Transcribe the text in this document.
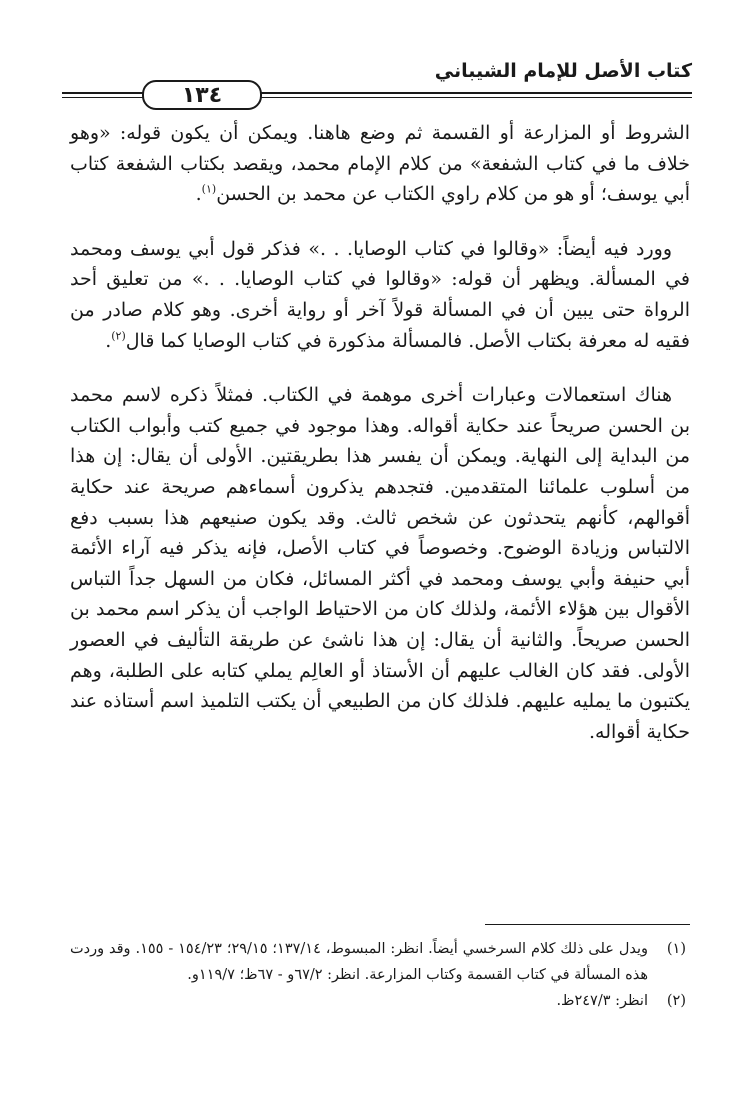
كتاب الأصل للإمام الشيباني
١٣٤

الشروط أو المزارعة أو القسمة ثم وضع هاهنا. ويمكن أن يكون قوله: «وهو خلاف ما في كتاب الشفعة» من كلام الإمام محمد، ويقصد بكتاب الشفعة كتاب أبي يوسف؛ أو هو من كلام راوي الكتاب عن محمد بن الحسن$^{(١)}$.

وورد فيه أيضاً: «وقالوا في كتاب الوصايا. . .» فذكر قول أبي يوسف ومحمد في المسألة. ويظهر أن قوله: «وقالوا في كتاب الوصايا. . .» من تعليق أحد الرواة حتى يبين أن في المسألة قولاً آخر أو رواية أخرى. وهو كلام صادر من فقيه له معرفة بكتاب الأصل. فالمسألة مذكورة في كتاب الوصايا كما قال$^{(٢)}$.

هناك استعمالات وعبارات أخرى موهمة في الكتاب. فمثلاً ذكره لاسم محمد بن الحسن صريحاً عند حكاية أقواله. وهذا موجود في جميع كتب وأبواب الكتاب من البداية إلى النهاية. ويمكن أن يفسر هذا بطريقتين. الأولى أن يقال: إن هذا من أسلوب علمائنا المتقدمين. فتجدهم يذكرون أسماءهم صريحة عند حكاية أقوالهم، كأنهم يتحدثون عن شخص ثالث. وقد يكون صنيعهم هذا بسبب دفع الالتباس وزيادة الوضوح. وخصوصاً في كتاب الأصل، فإنه يذكر فيه آراء الأئمة أبي حنيفة وأبي يوسف ومحمد في أكثر المسائل، فكان من السهل جداً التباس الأقوال بين هؤلاء الأئمة، ولذلك كان من الاحتياط الواجب أن يذكر اسم محمد بن الحسن صريحاً. والثانية أن يقال: إن هذا ناشئ عن طريقة التأليف في العصور الأولى. فقد كان الغالب عليهم أن الأستاذ أو العالِم يملي كتابه على الطلبة، وهم يكتبون ما يمليه عليهم. فلذلك كان من الطبيعي أن يكتب التلميذ اسم أستاذه عند حكاية أقواله.

(١)
ويدل على ذلك كلام السرخسي أيضاً. انظر: المبسوط، ١٣٧/١٤؛ ٢٩/١٥؛ ١٥٤/٢٣ - ١٥٥. وقد وردت هذه المسألة في كتاب القسمة وكتاب المزارعة. انظر: ٦٧/٢و - ٦٧ظ؛ ١١٩/٧و.
(٢)
انظر: ٢٤٧/٣ظ.
